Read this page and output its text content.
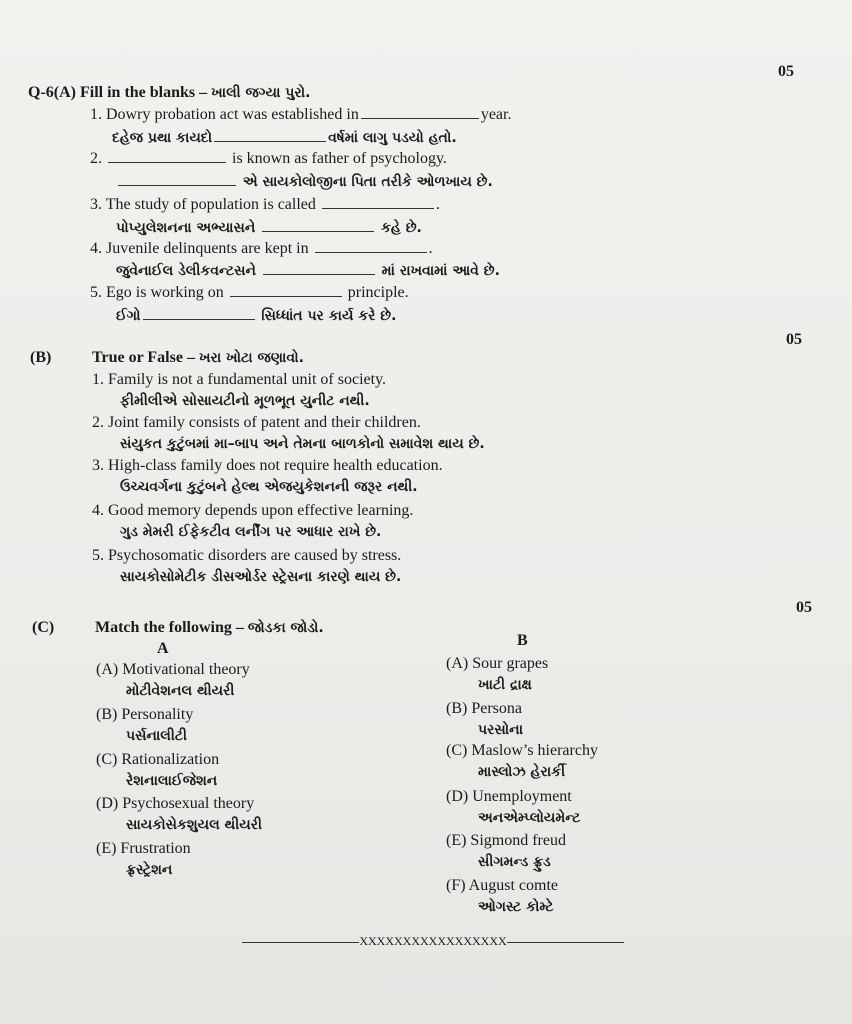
05
Q-6(A) Fill in the blanks – ખાલી જગ્યા પુરો.
1. Dowry probation act was established in	year.
દહેજ પ્રથા કાયદો	વર્ષમાં લાગુ પડયો હતો.
2.	is known as father of psychology.
એ સાયકોલોજીના પિતા તરીકે ઓળખાય છે.
3. The study of population is called	.
પોપ્યુલેશનના અભ્યાસને	કહે છે.
4. Juvenile delinquents are kept in	.
જુવેનાઈલ ડેલીકવન્ટસને	માં રાખવામાં આવે છે.
5. Ego is working on	principle.
ઈગો	સિધ્ધાંત પર કાર્ય કરે છે.
05
(B)	True or False – ખરા ખોટા જણાવો.
1. Family is not a fundamental unit of society.
ફીમીલીએ સોસાયટીનો મૂળભૂત યુનીટ નથી.
2. Joint family consists of patent and their children.
સંયુકત કુટુંબમાં મા–બાપ અને તેમના બાળકોનો સમાવેશ થાય છે.
3. High-class family does not require health education.
ઉચ્ચવર્ગના કુટુંબને હેલ્થ એજયુકેશનની જરૂર નથી.
4. Good memory depends upon effective learning.
ગુડ મેમરી ઈફેકટીવ લર્નીંગ પર આધાર રાખે છે.
5. Psychosomatic disorders are caused by stress.
સાયકોસોમેટીક ડીસઓર્ડર સ્ટ્રેસના કારણે થાય છે.
05
(C)	Match the following – જોડકા જોડો.
A	B
(A) Motivational theory
મોટીવેશનલ થીયરી
(B) Personality
પર્સનાલીટી
(C) Rationalization
રેશનાલાઈજેશન
(D) Psychosexual theory
સાયકોસેકશુયલ થીયરી
(E) Frustration
ફ્રસ્ટ્રેશન
(A) Sour grapes
ખાટી દ્રાક્ષ
(B) Persona
પરસોના
(C) Maslow’s hierarchy
માસ્લોઝ હેરાર્કી
(D) Unemployment
અનએમ્પ્લોયમેન્ટ
(E) Sigmond freud
સીગમન્ડ ફ્રુડ
(F) August comte
ઓગસ્ટ કોમ્ટે
XXXXXXXXXXXXXXXXX
